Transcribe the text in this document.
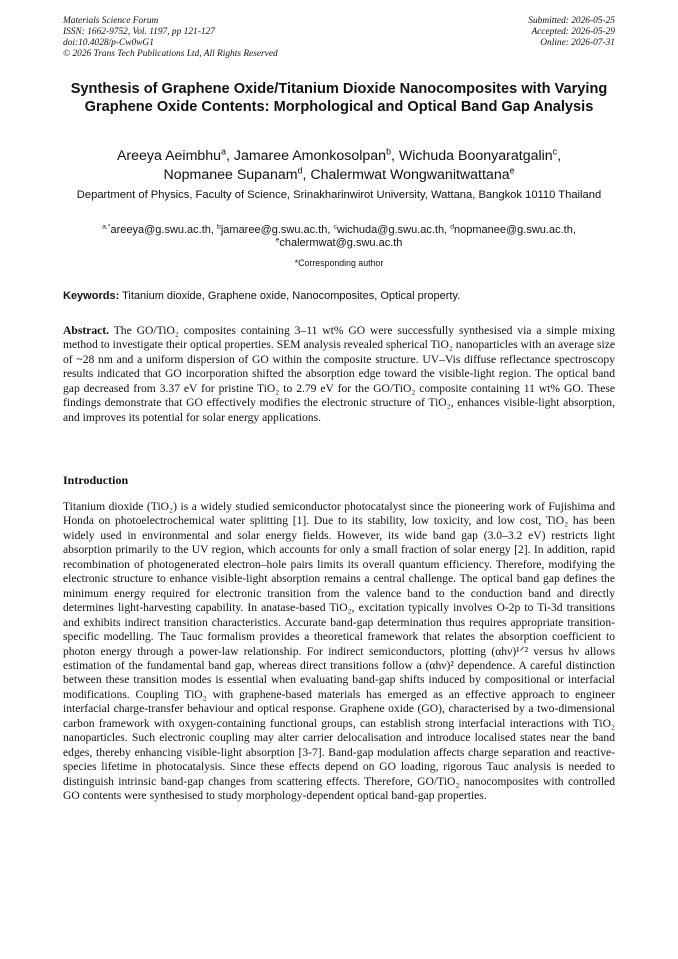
Materials Science Forum
ISSN: 1662-9752, Vol. 1197, pp 121-127
doi:10.4028/p-Cw0wG1
© 2026 Trans Tech Publications Ltd, All Rights Reserved
Submitted: 2026-05-25
Accepted: 2026-05-29
Online: 2026-07-31
Synthesis of Graphene Oxide/Titanium Dioxide Nanocomposites with Varying Graphene Oxide Contents: Morphological and Optical Band Gap Analysis
Areeya Aeimbhu$^a$, Jamaree Amonkosolpan$^b$, Wichuda Boonyaratgalin$^c$,
Nopmanee Supanam$^d$, Chalermwat Wongwanitwattana$^e$
Department of Physics, Faculty of Science, Srinakharinwirot University, Wattana, Bangkok 10110 Thailand
$^{a,*}$areeya@g.swu.ac.th, $^b$jamaree@g.swu.ac.th, $^c$wichuda@g.swu.ac.th, $^d$nopmanee@g.swu.ac.th,
$^e$chalermwat@g.swu.ac.th
*Corresponding author
Keywords: Titanium dioxide, Graphene oxide, Nanocomposites, Optical property.

Abstract. The GO/TiO₂ composites containing 3–11 wt% GO were successfully synthesised via a simple mixing method to investigate their optical properties. SEM analysis revealed spherical TiO₂ nanoparticles with an average size of ~28 nm and a uniform dispersion of GO within the composite structure. UV–Vis diffuse reflectance spectroscopy results indicated that GO incorporation shifted the absorption edge toward the visible-light region. The optical band gap decreased from 3.37 eV for pristine TiO₂ to 2.79 eV for the GO/TiO₂ composite containing 11 wt% GO. These findings demonstrate that GO effectively modifies the electronic structure of TiO₂, enhances visible-light absorption, and improves its potential for solar energy applications.

Introduction

Titanium dioxide (TiO₂) is a widely studied semiconductor photocatalyst since the pioneering work of Fujishima and Honda on photoelectrochemical water splitting [1]. Due to its stability, low toxicity, and low cost, TiO₂ has been widely used in environmental and solar energy fields. However, its wide band gap (3.0–3.2 eV) restricts light absorption primarily to the UV region, which accounts for only a small fraction of solar energy [2]. In addition, rapid recombination of photogenerated electron–hole pairs limits its overall quantum efficiency. Therefore, modifying the electronic structure to enhance visible-light absorption remains a central challenge. The optical band gap defines the minimum energy required for electronic transition from the valence band to the conduction band and directly determines light-harvesting capability. In anatase-based TiO₂, excitation typically involves O-2p to Ti-3d transitions and exhibits indirect transition characteristics. Accurate band-gap determination thus requires appropriate transition-specific modelling. The Tauc formalism provides a theoretical framework that relates the absorption coefficient to photon energy through a power-law relationship. For indirect semiconductors, plotting (αhν)¹ᐟ² versus hν allows estimation of the fundamental band gap, whereas direct transitions follow a (αhν)² dependence. A careful distinction between these transition modes is essential when evaluating band-gap shifts induced by compositional or interfacial modifications. Coupling TiO₂ with graphene-based materials has emerged as an effective approach to engineer interfacial charge-transfer behaviour and optical response. Graphene oxide (GO), characterised by a two-dimensional carbon framework with oxygen-containing functional groups, can establish strong interfacial interactions with TiO₂ nanoparticles. Such electronic coupling may alter carrier delocalisation and introduce localised states near the band edges, thereby enhancing visible-light absorption [3-7]. Band-gap modulation affects charge separation and reactive-species lifetime in photocatalysis. Since these effects depend on GO loading, rigorous Tauc analysis is needed to distinguish intrinsic band-gap changes from scattering effects. Therefore, GO/TiO₂ nanocomposites with controlled GO contents were synthesised to study morphology-dependent optical band-gap properties.
